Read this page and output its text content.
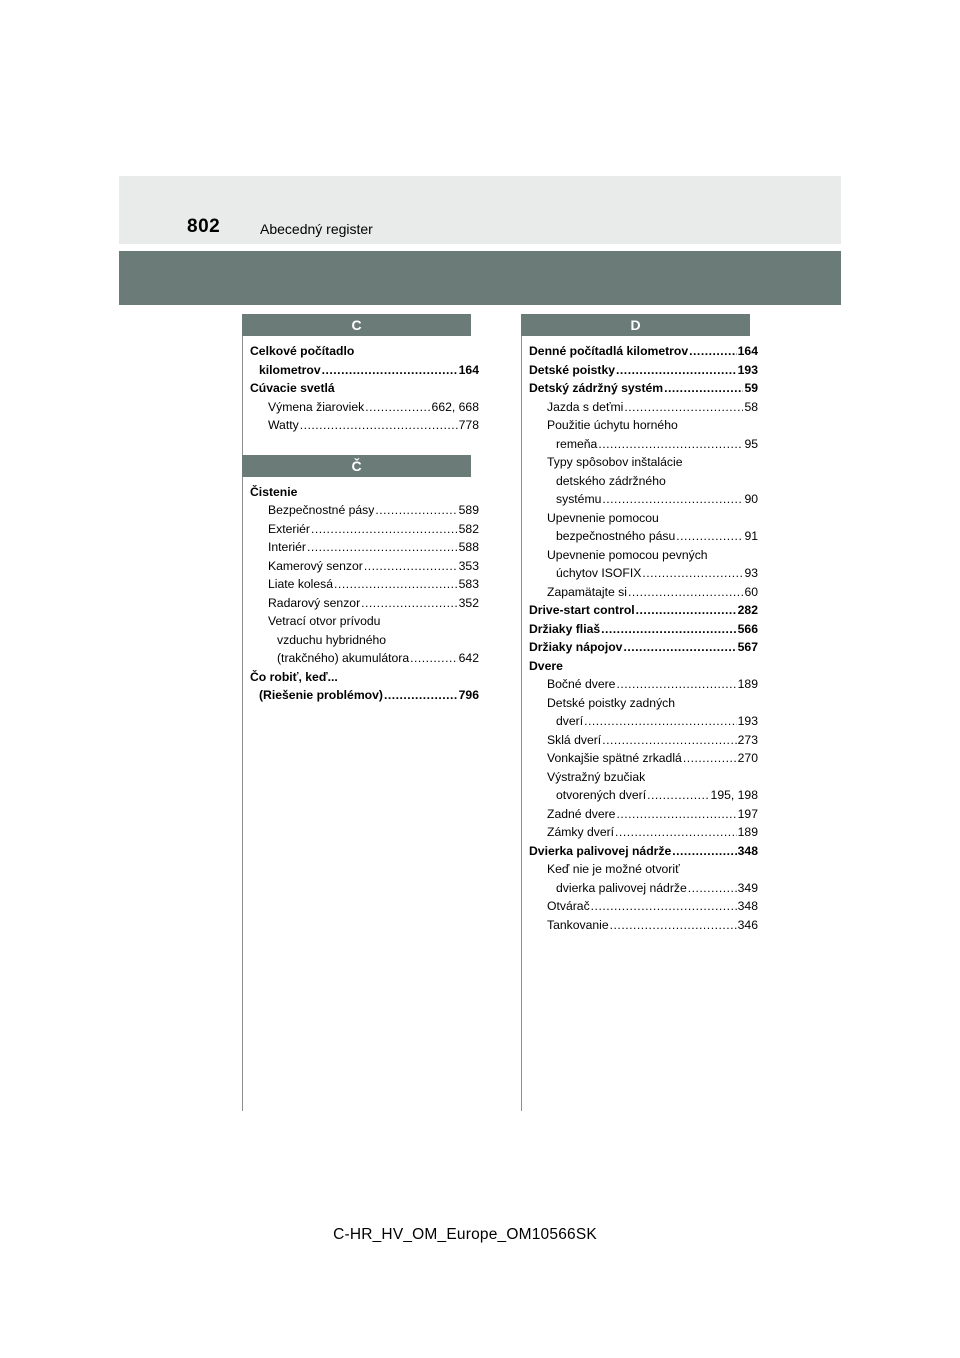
802	Abecedný register
C
Celkové počítadlo
kilometrov .....	164
Cúvacie svetlá
Výmena žiaroviek .....	662, 668
Watty .....	778
Č
Čistenie
Bezpečnostné pásy .....	589
Exteriér .....	582
Interiér .....	588
Kamerový senzor .....	353
Liate kolesá .....	583
Radarový senzor .....	352
Vetrací otvor prívodu
vzduchu hybridného
(trakčného) akumulátora .....	642
Čo robiť, keď...
(Riešenie problémov) .....	796
D
Denné počítadlá kilometrov .....	164
Detské poistky .....	193
Detský zádržný systém .....	59
Jazda s deťmi .....	58
Použitie úchytu horného
remeňa .....	95
Typy spôsobov inštalácie
detského zádržného
systému .....	90
Upevnenie pomocou
bezpečnostného pásu .....	91
Upevnenie pomocou pevných
úchytov ISOFIX .....	93
Zapamätajte si .....	60
Drive-start control .....	282
Držiaky fliaš .....	566
Držiaky nápojov .....	567
Dvere
Bočné dvere .....	189
Detské poistky zadných
dverí .....	193
Sklá dverí .....	273
Vonkajšie spätné zrkadlá .....	270
Výstražný bzučiak
otvorených dverí .....	195, 198
Zadné dvere .....	197
Zámky dverí .....	189
Dvierka palivovej nádrže .....	348
Keď nie je možné otvoriť
dvierka palivovej nádrže .....	349
Otvárač .....	348
Tankovanie .....	346
C-HR_HV_OM_Europe_OM10566SK
